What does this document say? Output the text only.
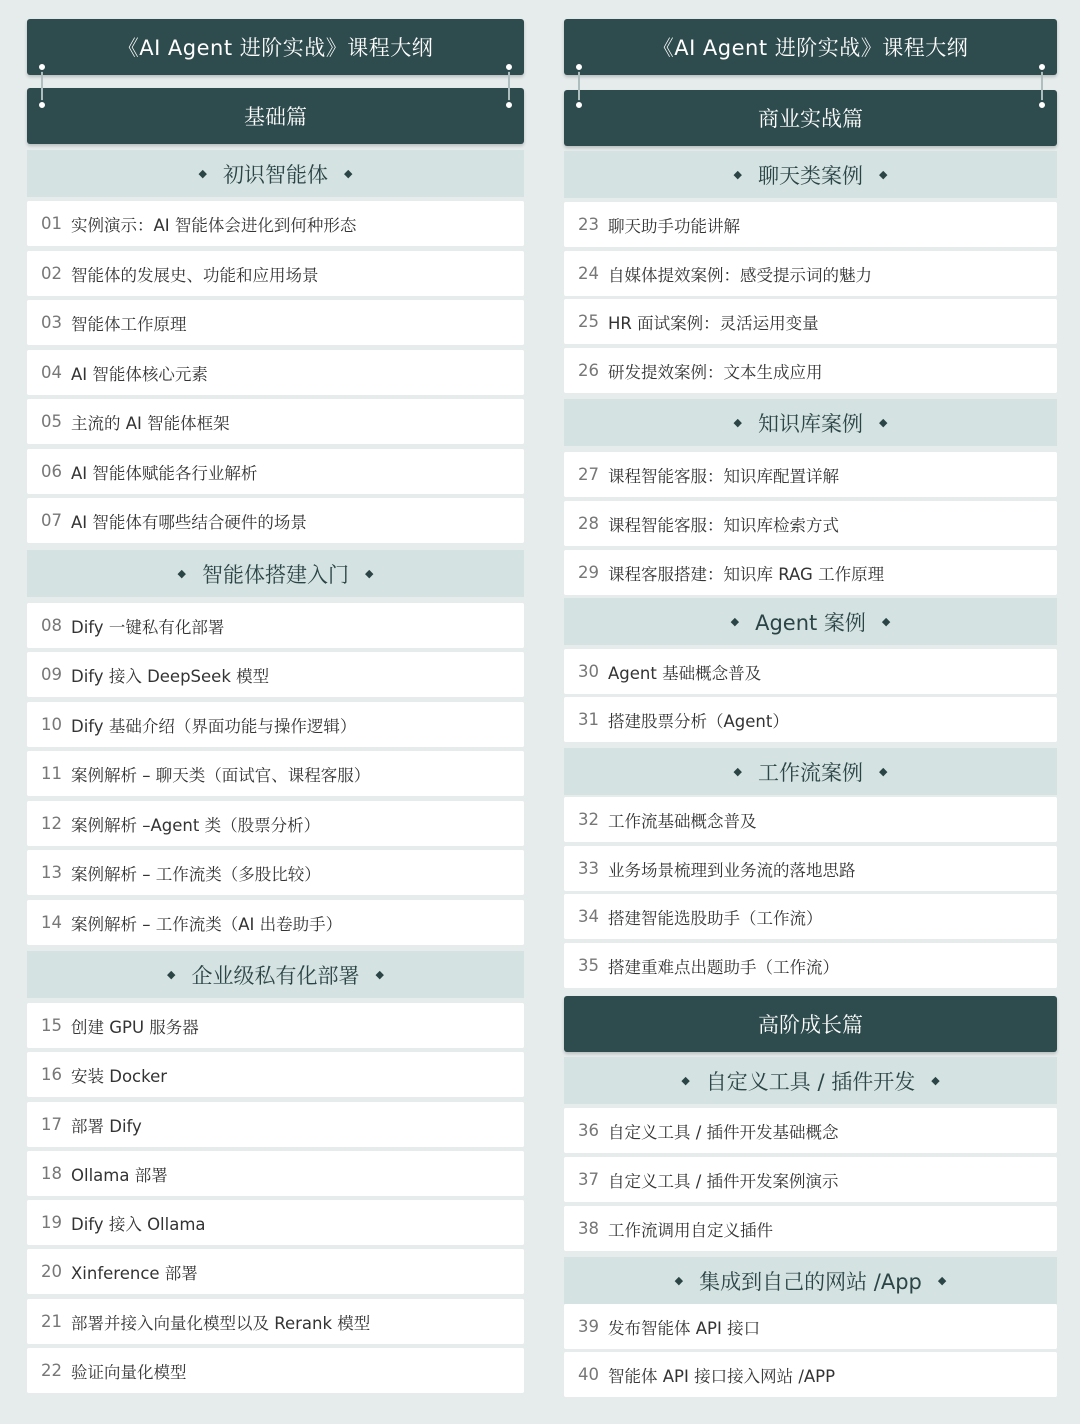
《AI Agent 进阶实战》课程大纲
基础篇
◆ 初识智能体 ◆
01 实例演示：AI 智能体会进化到何种形态
02 智能体的发展史、功能和应用场景
03 智能体工作原理
04 AI 智能体核心元素
05 主流的 AI 智能体框架
06 AI 智能体赋能各行业解析
07 AI 智能体有哪些结合硬件的场景
◆ 智能体搭建入门 ◆
08 Dify 一键私有化部署
09 Dify 接入 DeepSeek 模型
10 Dify 基础介绍（界面功能与操作逻辑）
11 案例解析 – 聊天类（面试官、课程客服）
12 案例解析 –Agent 类（股票分析）
13 案例解析 – 工作流类（多股比较）
14 案例解析 – 工作流类（AI 出卷助手）
◆ 企业级私有化部署 ◆
15 创建 GPU 服务器
16 安装 Docker
17 部署 Dify
18 Ollama 部署
19 Dify 接入 Ollama
20 Xinference 部署
21 部署并接入向量化模型以及 Rerank 模型
22 验证向量化模型
《AI Agent 进阶实战》课程大纲
商业实战篇
◆ 聊天类案例 ◆
23 聊天助手功能讲解
24 自媒体提效案例：感受提示词的魅力
25 HR 面试案例：灵活运用变量
26 研发提效案例：文本生成应用
◆ 知识库案例 ◆
27 课程智能客服：知识库配置详解
28 课程智能客服：知识库检索方式
29 课程客服搭建：知识库 RAG 工作原理
◆ Agent 案例 ◆
30 Agent 基础概念普及
31 搭建股票分析（Agent）
◆ 工作流案例 ◆
32 工作流基础概念普及
33 业务场景梳理到业务流的落地思路
34 搭建智能选股助手（工作流）
35 搭建重难点出题助手（工作流）
高阶成长篇
◆ 自定义工具 / 插件开发 ◆
36 自定义工具 / 插件开发基础概念
37 自定义工具 / 插件开发案例演示
38 工作流调用自定义插件
◆ 集成到自己的网站 /App ◆
39 发布智能体 API 接口
40 智能体 API 接口接入网站 /APP
